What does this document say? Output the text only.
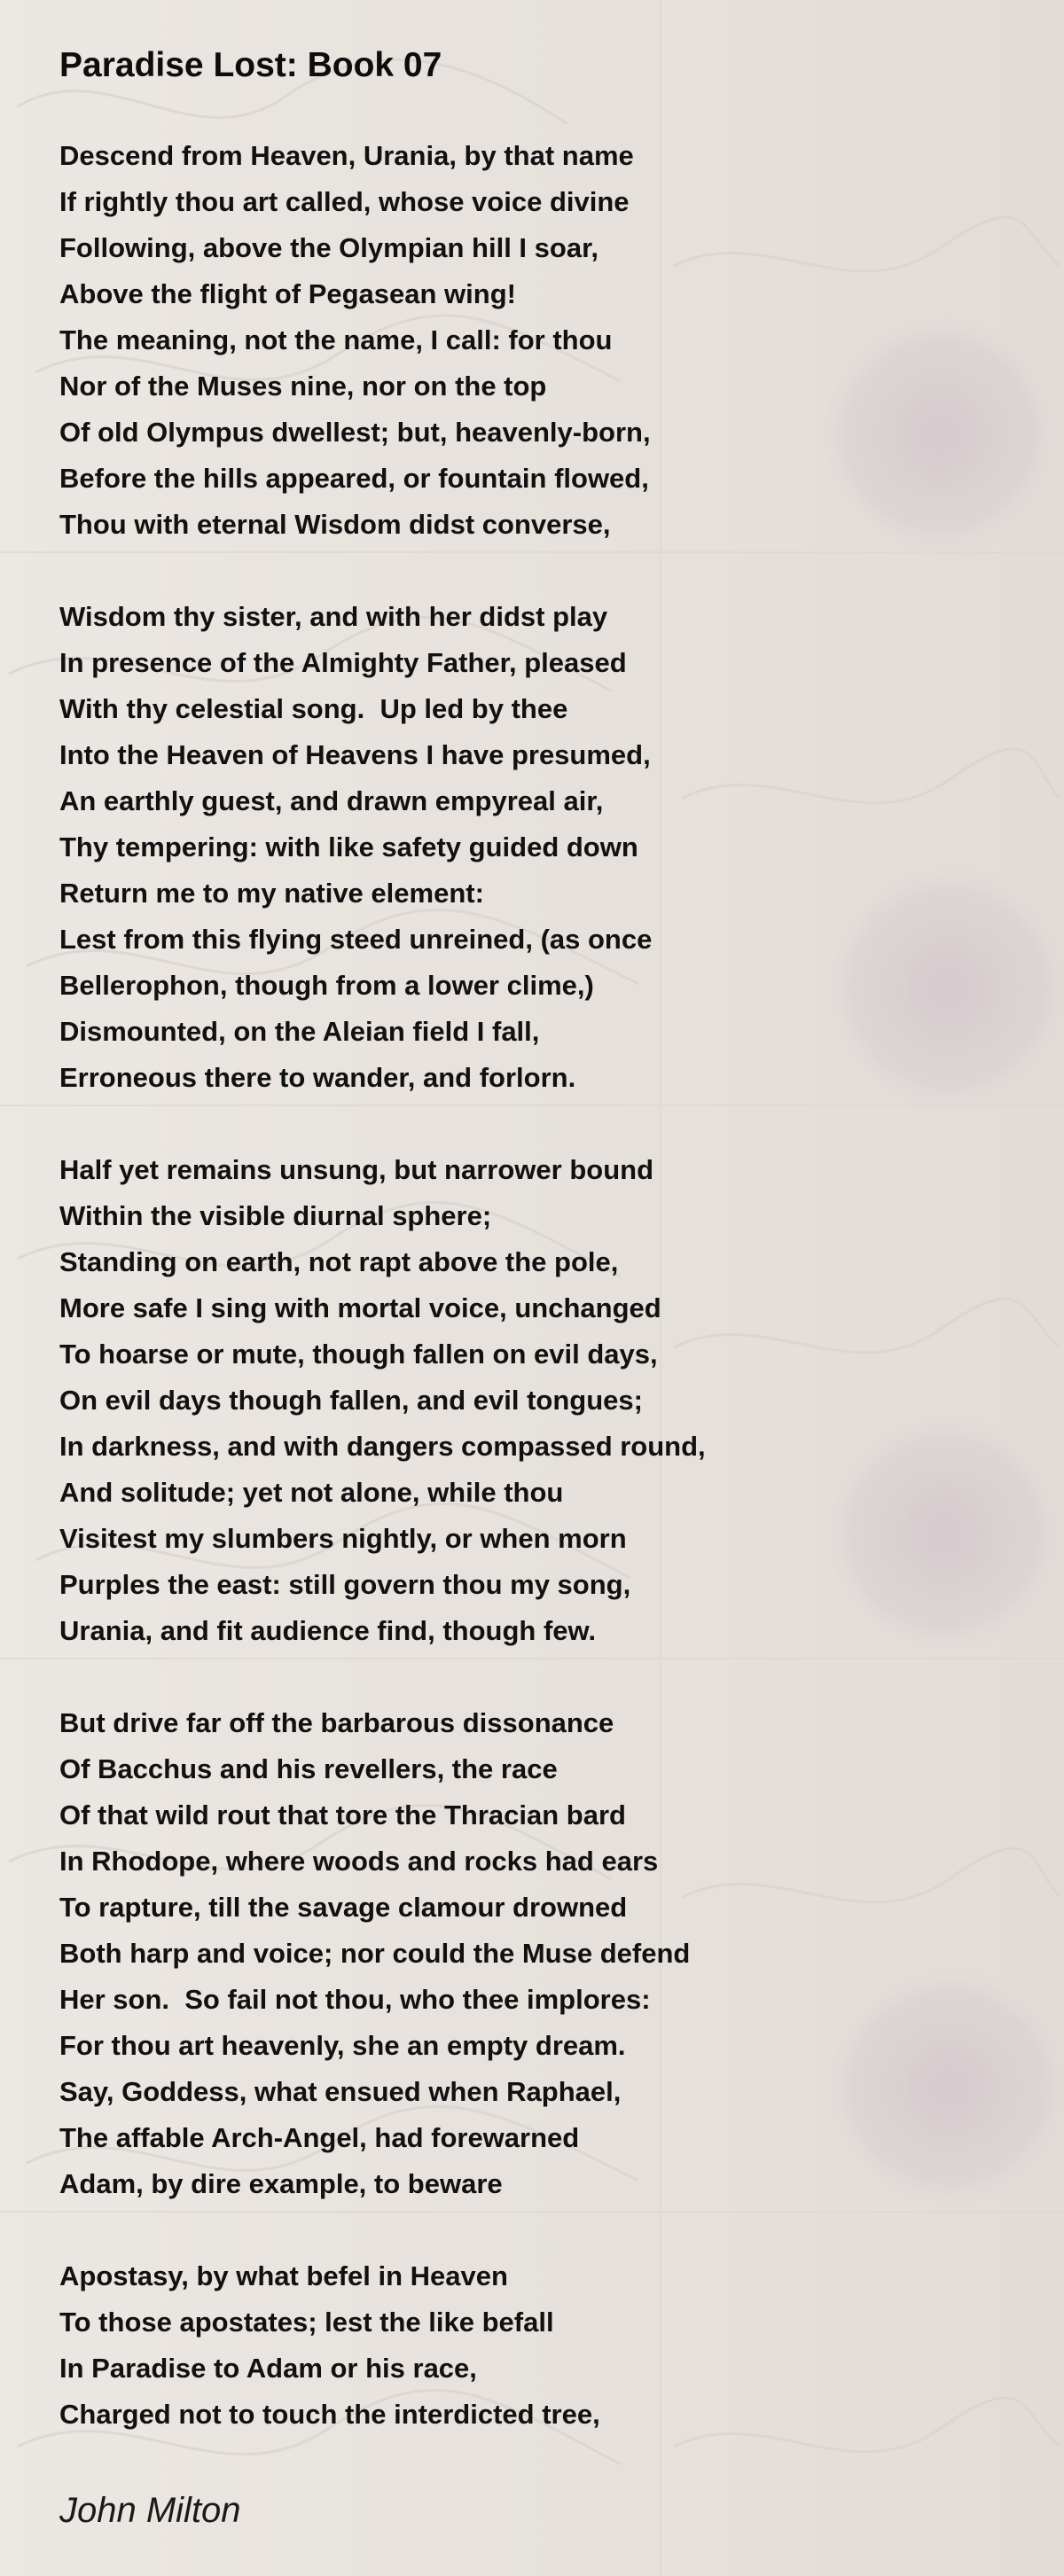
Paradise Lost: Book 07
Descend from Heaven, Urania, by that name
If rightly thou art called, whose voice divine
Following, above the Olympian hill I soar,
Above the flight of Pegasean wing!
The meaning, not the name, I call: for thou
Nor of the Muses nine, nor on the top
Of old Olympus dwellest; but, heavenly-born,
Before the hills appeared, or fountain flowed,
Thou with eternal Wisdom didst converse,
Wisdom thy sister, and with her didst play
In presence of the Almighty Father, pleased
With thy celestial song.  Up led by thee
Into the Heaven of Heavens I have presumed,
An earthly guest, and drawn empyreal air,
Thy tempering: with like safety guided down
Return me to my native element:
Lest from this flying steed unreined, (as once
Bellerophon, though from a lower clime,)
Dismounted, on the Aleian field I fall,
Erroneous there to wander, and forlorn.
Half yet remains unsung, but narrower bound
Within the visible diurnal sphere;
Standing on earth, not rapt above the pole,
More safe I sing with mortal voice, unchanged
To hoarse or mute, though fallen on evil days,
On evil days though fallen, and evil tongues;
In darkness, and with dangers compassed round,
And solitude; yet not alone, while thou
Visitest my slumbers nightly, or when morn
Purples the east: still govern thou my song,
Urania, and fit audience find, though few.
But drive far off the barbarous dissonance
Of Bacchus and his revellers, the race
Of that wild rout that tore the Thracian bard
In Rhodope, where woods and rocks had ears
To rapture, till the savage clamour drowned
Both harp and voice; nor could the Muse defend
Her son.  So fail not thou, who thee implores:
For thou art heavenly, she an empty dream.
Say, Goddess, what ensued when Raphael,
The affable Arch-Angel, had forewarned
Adam, by dire example, to beware
Apostasy, by what befel in Heaven
To those apostates; lest the like befall
In Paradise to Adam or his race,
Charged not to touch the interdicted tree,

John Milton
